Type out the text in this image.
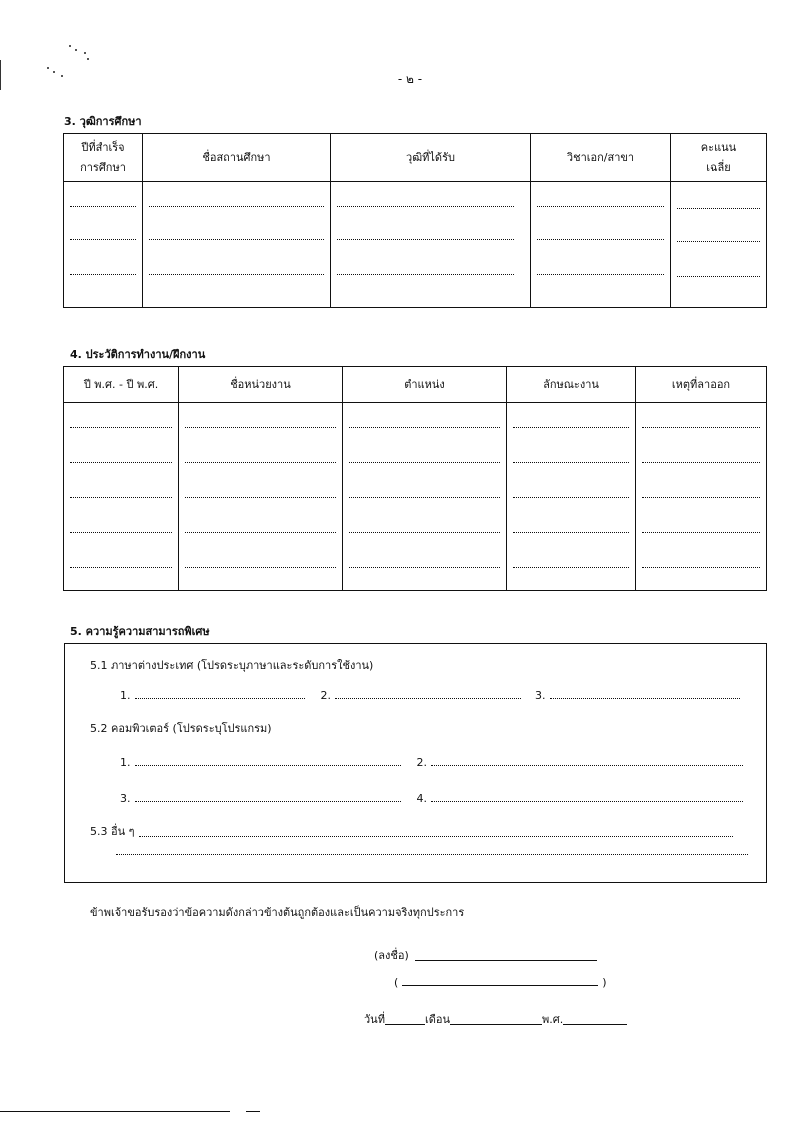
- ๒ -
3. วุฒิการศึกษา
ปีที่สำเร็จ
การศึกษา	ชื่อสถานศึกษา	วุฒิที่ได้รับ	วิชาเอก/สาขา	คะแนน
เฉลี่ย

4. ประวัติการทำงาน/ฝึกงาน
ปี พ.ศ. - ปี พ.ศ.	ชื่อหน่วยงาน	ตำแหน่ง	ลักษณะงาน	เหตุที่ลาออก

5. ความรู้ความสามารถพิเศษ
5.1 ภาษาต่างประเทศ (โปรดระบุภาษาและระดับการใช้งาน)
1.	2.	3.
5.2 คอมพิวเตอร์ (โปรดระบุโปรแกรม)
1.	2.
3.	4.
5.3 อื่น ๆ
ข้าพเจ้าขอรับรองว่าข้อความดังกล่าวข้างต้นถูกต้องและเป็นความจริงทุกประการ
(ลงชื่อ)
(	)
วันที่	เดือน	พ.ศ.
